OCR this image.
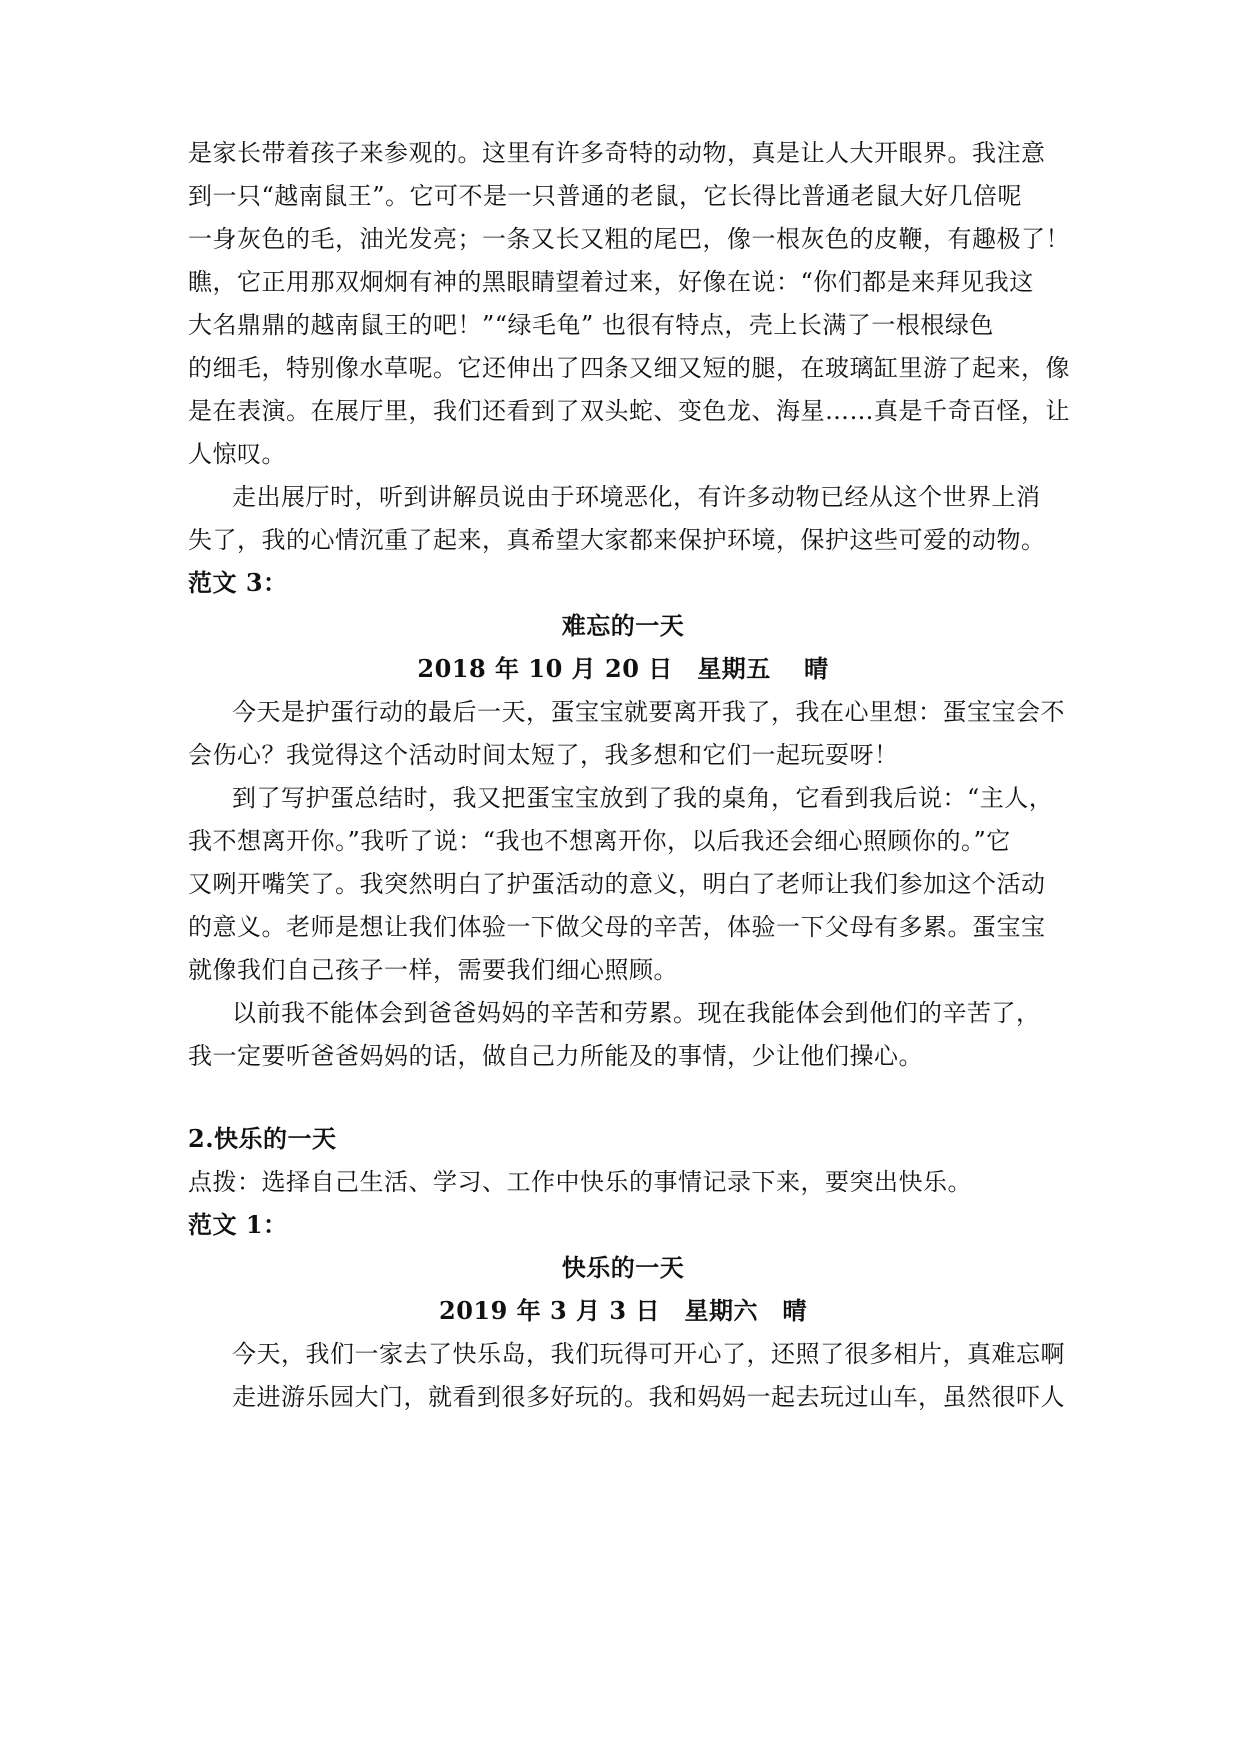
是家长带着孩子来参观的。这里有许多奇特的动物，真是让人大开眼界。我注意
到一只“越南鼠王”。它可不是一只普通的老鼠，它长得比普通老鼠大好几倍呢
一身灰色的毛，油光发亮；一条又长又粗的尾巴，像一根灰色的皮鞭，有趣极了！
瞧，它正用那双炯炯有神的黑眼睛望着过来，好像在说：“你们都是来拜见我这
大名鼎鼎的越南鼠王的吧！”“绿毛龟” 也很有特点，壳上长满了一根根绿色
的细毛，特别像水草呢。它还伸出了四条又细又短的腿，在玻璃缸里游了起来，像
是在表演。在展厅里，我们还看到了双头蛇、变色龙、海星……真是千奇百怪，让
人惊叹。
走出展厅时，听到讲解员说由于环境恶化，有许多动物已经从这个世界上消
失了，我的心情沉重了起来，真希望大家都来保护环境，保护这些可爱的动物。
范文 3：
难忘的一天
2018 年 10 月 20 日　星期五　 晴
今天是护蛋行动的最后一天，蛋宝宝就要离开我了，我在心里想：蛋宝宝会不
会伤心？我觉得这个活动时间太短了，我多想和它们一起玩耍呀！
到了写护蛋总结时，我又把蛋宝宝放到了我的桌角，它看到我后说：“主人，
我不想离开你。”我听了说：“我也不想离开你，以后我还会细心照顾你的。”它
又咧开嘴笑了。我突然明白了护蛋活动的意义，明白了老师让我们参加这个活动
的意义。老师是想让我们体验一下做父母的辛苦，体验一下父母有多累。蛋宝宝
就像我们自己孩子一样，需要我们细心照顾。
以前我不能体会到爸爸妈妈的辛苦和劳累。现在我能体会到他们的辛苦了，
我一定要听爸爸妈妈的话，做自己力所能及的事情，少让他们操心。
2.快乐的一天
点拨：选择自己生活、学习、工作中快乐的事情记录下来，要突出快乐。
范文 1：
快乐的一天
2019 年 3 月 3 日　星期六　晴
今天，我们一家去了快乐岛，我们玩得可开心了，还照了很多相片，真难忘啊
走进游乐园大门，就看到很多好玩的。我和妈妈一起去玩过山车，虽然很吓人
